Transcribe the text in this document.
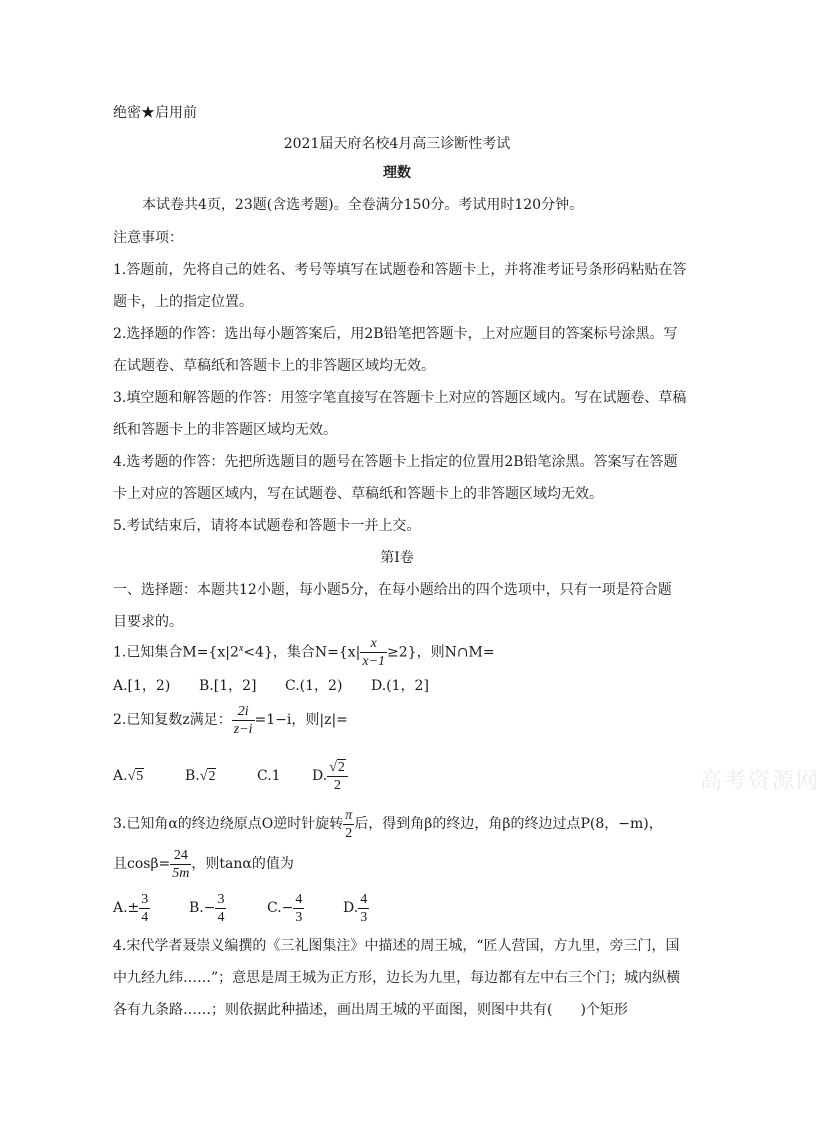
绝密★启用前
2021届天府名校4月高三诊断性考试
理数
本试卷共4页，23题(含选考题)。全卷满分150分。考试用时120分钟。
注意事项：
1.答题前，先将自己的姓名、考号等填写在试题卷和答题卡上，并将准考证号条形码粘贴在答
题卡，上的指定位置。
2.选择题的作答：选出每小题答案后，用2B铅笔把答题卡，上对应题目的答案标号涂黑。写
在试题卷、草稿纸和答题卡上的非答题区域均无效。
3.填空题和解答题的作答：用签字笔直接写在答题卡上对应的答题区域内。写在试题卷、草稿
纸和答题卡上的非答题区域均无效。
4.选考题的作答：先把所选题目的题号在答题卡上指定的位置用2B铅笔涂黑。答案写在答题
卡上对应的答题区域内，写在试题卷、草稿纸和答题卡上的非答题区域均无效。
5.考试结束后，请将本试题卷和答题卡一并上交。
第I卷
一、选择题：本题共12小题，每小题5分，在每小题给出的四个选项中，只有一项是符合题
目要求的。
1.已知集合$M=\{x|2^x<4\}$，集合$N=\{x| \frac{x}{x-1} \ge 2\}$，则N∩M=
A.[1，2) B.[1，2] C.(1，2) D.(1，2]
2.已知复数z满足： $\frac{2i}{z-i} =1-i$，则|z|=
A.√5	B.√2	C.1 D. $\frac{√2}{2}$
3.已知角α的终边绕原点O逆时针旋转 $\frac{\pi}{2}$ 后，得到角β的终边，角β的终边过点P(8，−m)，
且$\cos\beta= \frac{24}{5m}$ ，则tanα的值为
$A.\pm \frac{3}{4}$	$B.- \frac{3}{4}$	$C.- \frac{4}{3}$	D. $\frac{4}{3}$
4.宋代学者聂崇义编撰的《三礼图集注》中描述的周王城，“匠人营国，方九里，旁三门，国
中九经九纬……”；意思是周王城为正方形，边长为九里，每边都有左中右三个门；城内纵横
各有九条路……；则依据此种描述，画出周王城的平面图，则图中共有(　　)个矩形
高考资源网
